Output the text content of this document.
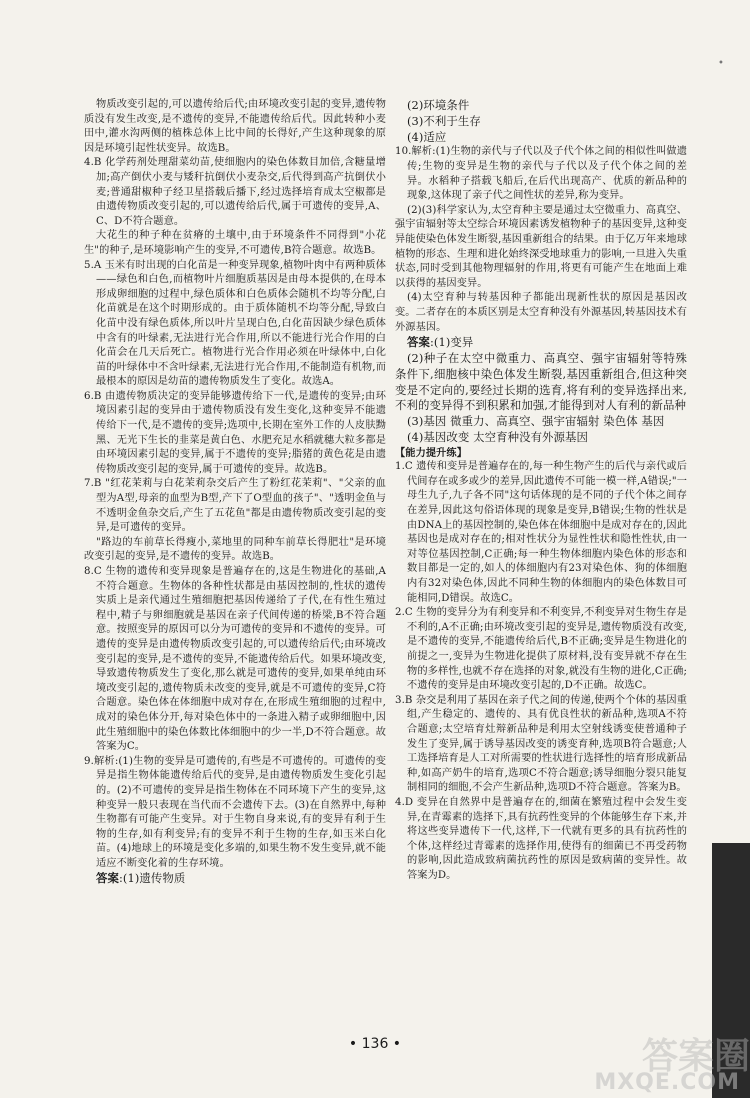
•

物质改变引起的,可以遗传给后代;由环境改变引起的变异,遗传物质没有发生改变,是不遗传的变异,不能遗传给后代。因此转种小麦田中,灌水沟两侧的植株总体上比中间的长得好,产生这种现象的原因是环境引起性状变异。故选B。

4.B 化学药剂处理甜菜幼苗,使细胞内的染色体数目加倍,含糖量增加;高产倒伏小麦与矮秆抗倒伏小麦杂交,后代得到高产抗倒伏小麦;普通甜椒种子经卫星搭载后播下,经过选择培育成太空椒都是由遗传物质改变引起的,可以遗传给后代,属于可遗传的变异,A、C、D不符合题意。

大花生的种子种在贫瘠的土壤中,由于环境条件不同得到"小花生"的种子,是环境影响产生的变异,不可遗传,B符合题意。故选B。

5.A 玉米有时出现的白化苗是一种变异现象,植物叶肉中有两种质体——绿色和白色,而植物叶片细胞质基因是由母本提供的,在母本形成卵细胞的过程中,绿色质体和白色质体会随机不均等分配,白化苗就是在这个时期形成的。由于质体随机不均等分配,导致白化苗中没有绿色质体,所以叶片呈现白色,白化苗因缺少绿色质体中含有的叶绿素,无法进行光合作用,所以不能进行光合作用的白化苗会在几天后死亡。植物进行光合作用必须在叶绿体中,白化苗的叶绿体中不含叶绿素,无法进行光合作用,不能制造有机物,而最根本的原因是幼苗的遗传物质发生了变化。故选A。

6.B 由遗传物质决定的变异能够遗传给下一代,是遗传的变异;由环境因素引起的变异由于遗传物质没有发生变化,这种变异不能遗传给下一代,是不遗传的变异;选项中,长期在室外工作的人皮肤黝黑、无光下生长的韭菜是黄白色、水肥充足水稻就穗大粒多都是由环境因素引起的变异,属于不遗传的变异;脂猪的黄色花是由遗传物质改变引起的变异,属于可遗传的变异。故选B。

7.B "红花茉莉与白花茉莉杂交后产生了粉红花茉莉"、"父亲的血型为A型,母亲的血型为B型,产下了O型血的孩子"、"透明金鱼与不透明金鱼杂交后,产生了五花鱼"都是由遗传物质改变引起的变异,是可遗传的变异。

"路边的车前草长得瘦小,菜地里的同种车前草长得肥壮"是环境改变引起的变异,是不遗传的变异。故选B。

8.C 生物的遗传和变异现象是普遍存在的,这是生物进化的基础,A不符合题意。生物体的各种性状都是由基因控制的,性状的遗传实质上是亲代通过生殖细胞把基因传递给了子代,在有性生殖过程中,精子与卵细胞就是基因在亲子代间传递的桥梁,B不符合题意。按照变异的原因可以分为可遗传的变异和不遗传的变异。可遗传的变异是由遗传物质改变引起的,可以遗传给后代;由环境改变引起的变异,是不遗传的变异,不能遗传给后代。如果环境改变,导致遗传物质发生了变化,那么就是可遗传的变异,如果单纯由环境改变引起的,遗传物质未改变的变异,就是不可遗传的变异,C符合题意。染色体在体细胞中成对存在,在形成生殖细胞的过程中,成对的染色体分开,每对染色体中的一条进入精子或卵细胞中,因此生殖细胞中的染色体数比体细胞中的少一半,D不符合题意。故答案为C。

9.解析:(1)生物的变异是可遗传的,有些是不可遗传的。可遗传的变异是指生物体能遗传给后代的变异,是由遗传物质发生变化引起的。(2)不可遗传的变异是指生物体在不同环境下产生的变异,这种变异一般只表现在当代而不会遗传下去。(3)在自然界中,每种生物都有可能产生变异。对于生物自身来说,有的变异有利于生物的生存,如有利变异;有的变异不利于生物的生存,如玉米白化苗。(4)地球上的环境是变化多端的,如果生物不发生变异,就不能适应不断变化着的生存环境。

答案:(1)遗传物质

(2)环境条件

(3)不利于生存

(4)适应

10.解析:(1)生物的亲代与子代以及子代个体之间的相似性叫做遗传;生物的变异是生物的亲代与子代以及子代个体之间的差异。水稻种子搭载飞船后,在后代出现高产、优质的新品种的现象,这体现了亲子代之间性状的差异,称为变异。

(2)(3)科学家认为,太空育种主要是通过太空微重力、高真空、强宇宙辐射等太空综合环境因素诱发植物种子的基因变异,这种变异能使染色体发生断裂,基因重新组合的结果。由于亿万年来地球植物的形态、生理和进化始终深受地球重力的影响,一旦进入失重状态,同时受到其他物理辐射的作用,将更有可能产生在地面上难以获得的基因变异。

(4)太空育种与转基因种子都能出现新性状的原因是基因改变。二者存在的本质区别是太空育种没有外源基因,转基因技术有外源基因。

答案:(1)变异

(2)种子在太空中微重力、高真空、强宇宙辐射等特殊条件下,细胞核中染色体发生断裂,基因重新组合,但这种突变是不定向的,要经过长期的选育,将有利的变异选择出来,不利的变异得不到积累和加强,才能得到对人有利的新品种

(3)基因 微重力、高真空、强宇宙辐射 染色体 基因

(4)基因改变 太空育种没有外源基因

【能力提升练】

1.C 遗传和变异是普遍存在的,每一种生物产生的后代与亲代或后代间存在或多或少的差异,因此遗传不可能一模一样,A错误;"一母生九子,九子各不同"这句话体现的是不同的子代个体之间存在差异,因此这句俗语体现的现象是变异,B错误;生物的性状是由DNA上的基因控制的,染色体在体细胞中是成对存在的,因此基因也是成对存在的;相对性状分为显性性状和隐性性状,由一对等位基因控制,C正确;每一种生物体细胞内染色体的形态和数目都是一定的,如人的体细胞内有23对染色体、狗的体细胞内有32对染色体,因此不同种生物的体细胞内的染色体数目可能相同,D错误。故选C。

2.C 生物的变异分为有利变异和不利变异,不利变异对生物生存是不利的,A不正确;由环境改变引起的变异是,遗传物质没有改变,是不遗传的变异,不能遗传给后代,B不正确;变异是生物进化的前提之一,变异为生物进化提供了原材料,没有变异就不存在生物的多样性,也就不存在选择的对象,就没有生物的进化,C正确;不遗传的变异是由环境改变引起的,D不正确。故选C。

3.B 杂交是利用了基因在亲子代之间的传递,使两个个体的基因重组,产生稳定的、遗传的、具有优良性状的新品种,选项A不符合题意;太空培育灶辩新品种是利用太空射线诱变使普通种子发生了变异,属于诱导基因改变的诱变育种,选项B符合题意;人工选择培育是人工对所需要的性状进行选择性的培育形成新品种,如高产奶牛的培育,选项C不符合题意;诱导细胞分裂只能复制相同的细胞,不会产生新品种,选项D不符合题意。答案为B。

4.D 变异在自然界中是普遍存在的,细菌在繁殖过程中会发生变异,在青霉素的选择下,具有抗药性变异的个体能够生存下来,并将这些变异遗传下一代,这样,下一代就有更多的具有抗药性的个体,这样经过青霉素的选择作用,使得有的细菌已不再受药物的影响,因此造成致病菌抗药性的原因是致病菌的变异性。故答案为D。

• 136 •	答案圈
MXQE.COM
